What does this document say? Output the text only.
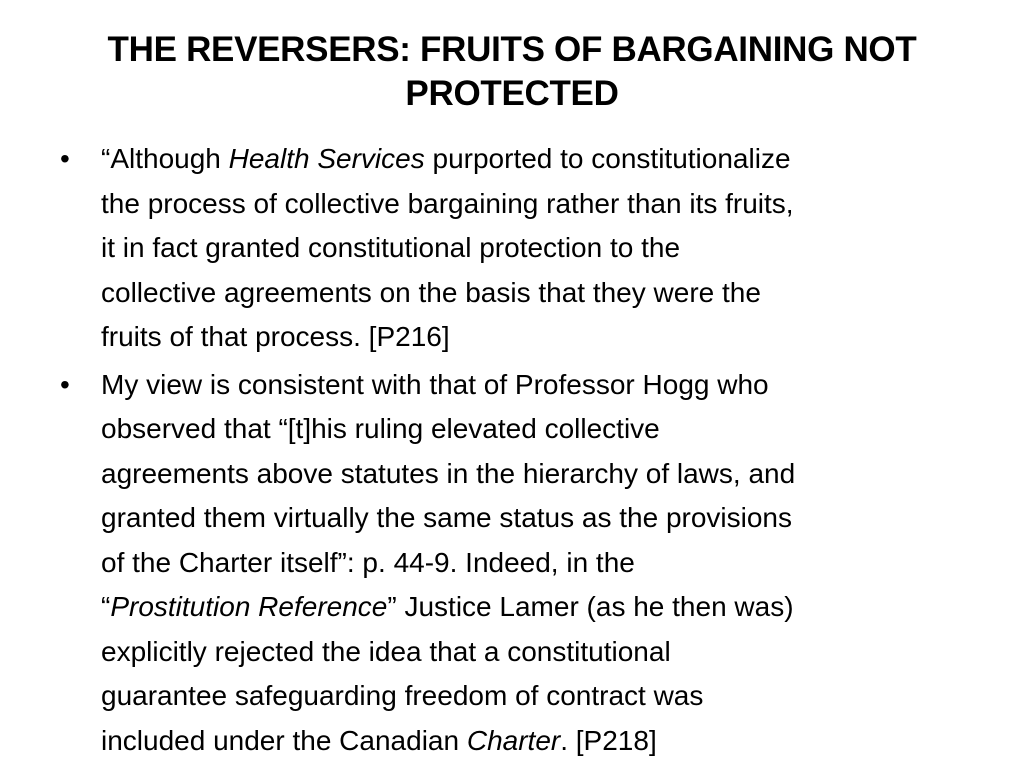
THE REVERSERS: FRUITS OF BARGAINING NOT
PROTECTED
• “Although Health Services purported to constitutionalize
the process of collective bargaining rather than its fruits,
it in fact granted constitutional protection to the
collective agreements on the basis that they were the
fruits of that process. [P216]
• My view is consistent with that of Professor Hogg who
observed that “[t]his ruling elevated collective
agreements above statutes in the hierarchy of laws, and
granted them virtually the same status as the provisions
of the Charter itself”: p. 44-9. Indeed, in the
“Prostitution Reference” Justice Lamer (as he then was)
explicitly rejected the idea that a constitutional
guarantee safeguarding freedom of contract was
included under the Canadian Charter. [P218]
